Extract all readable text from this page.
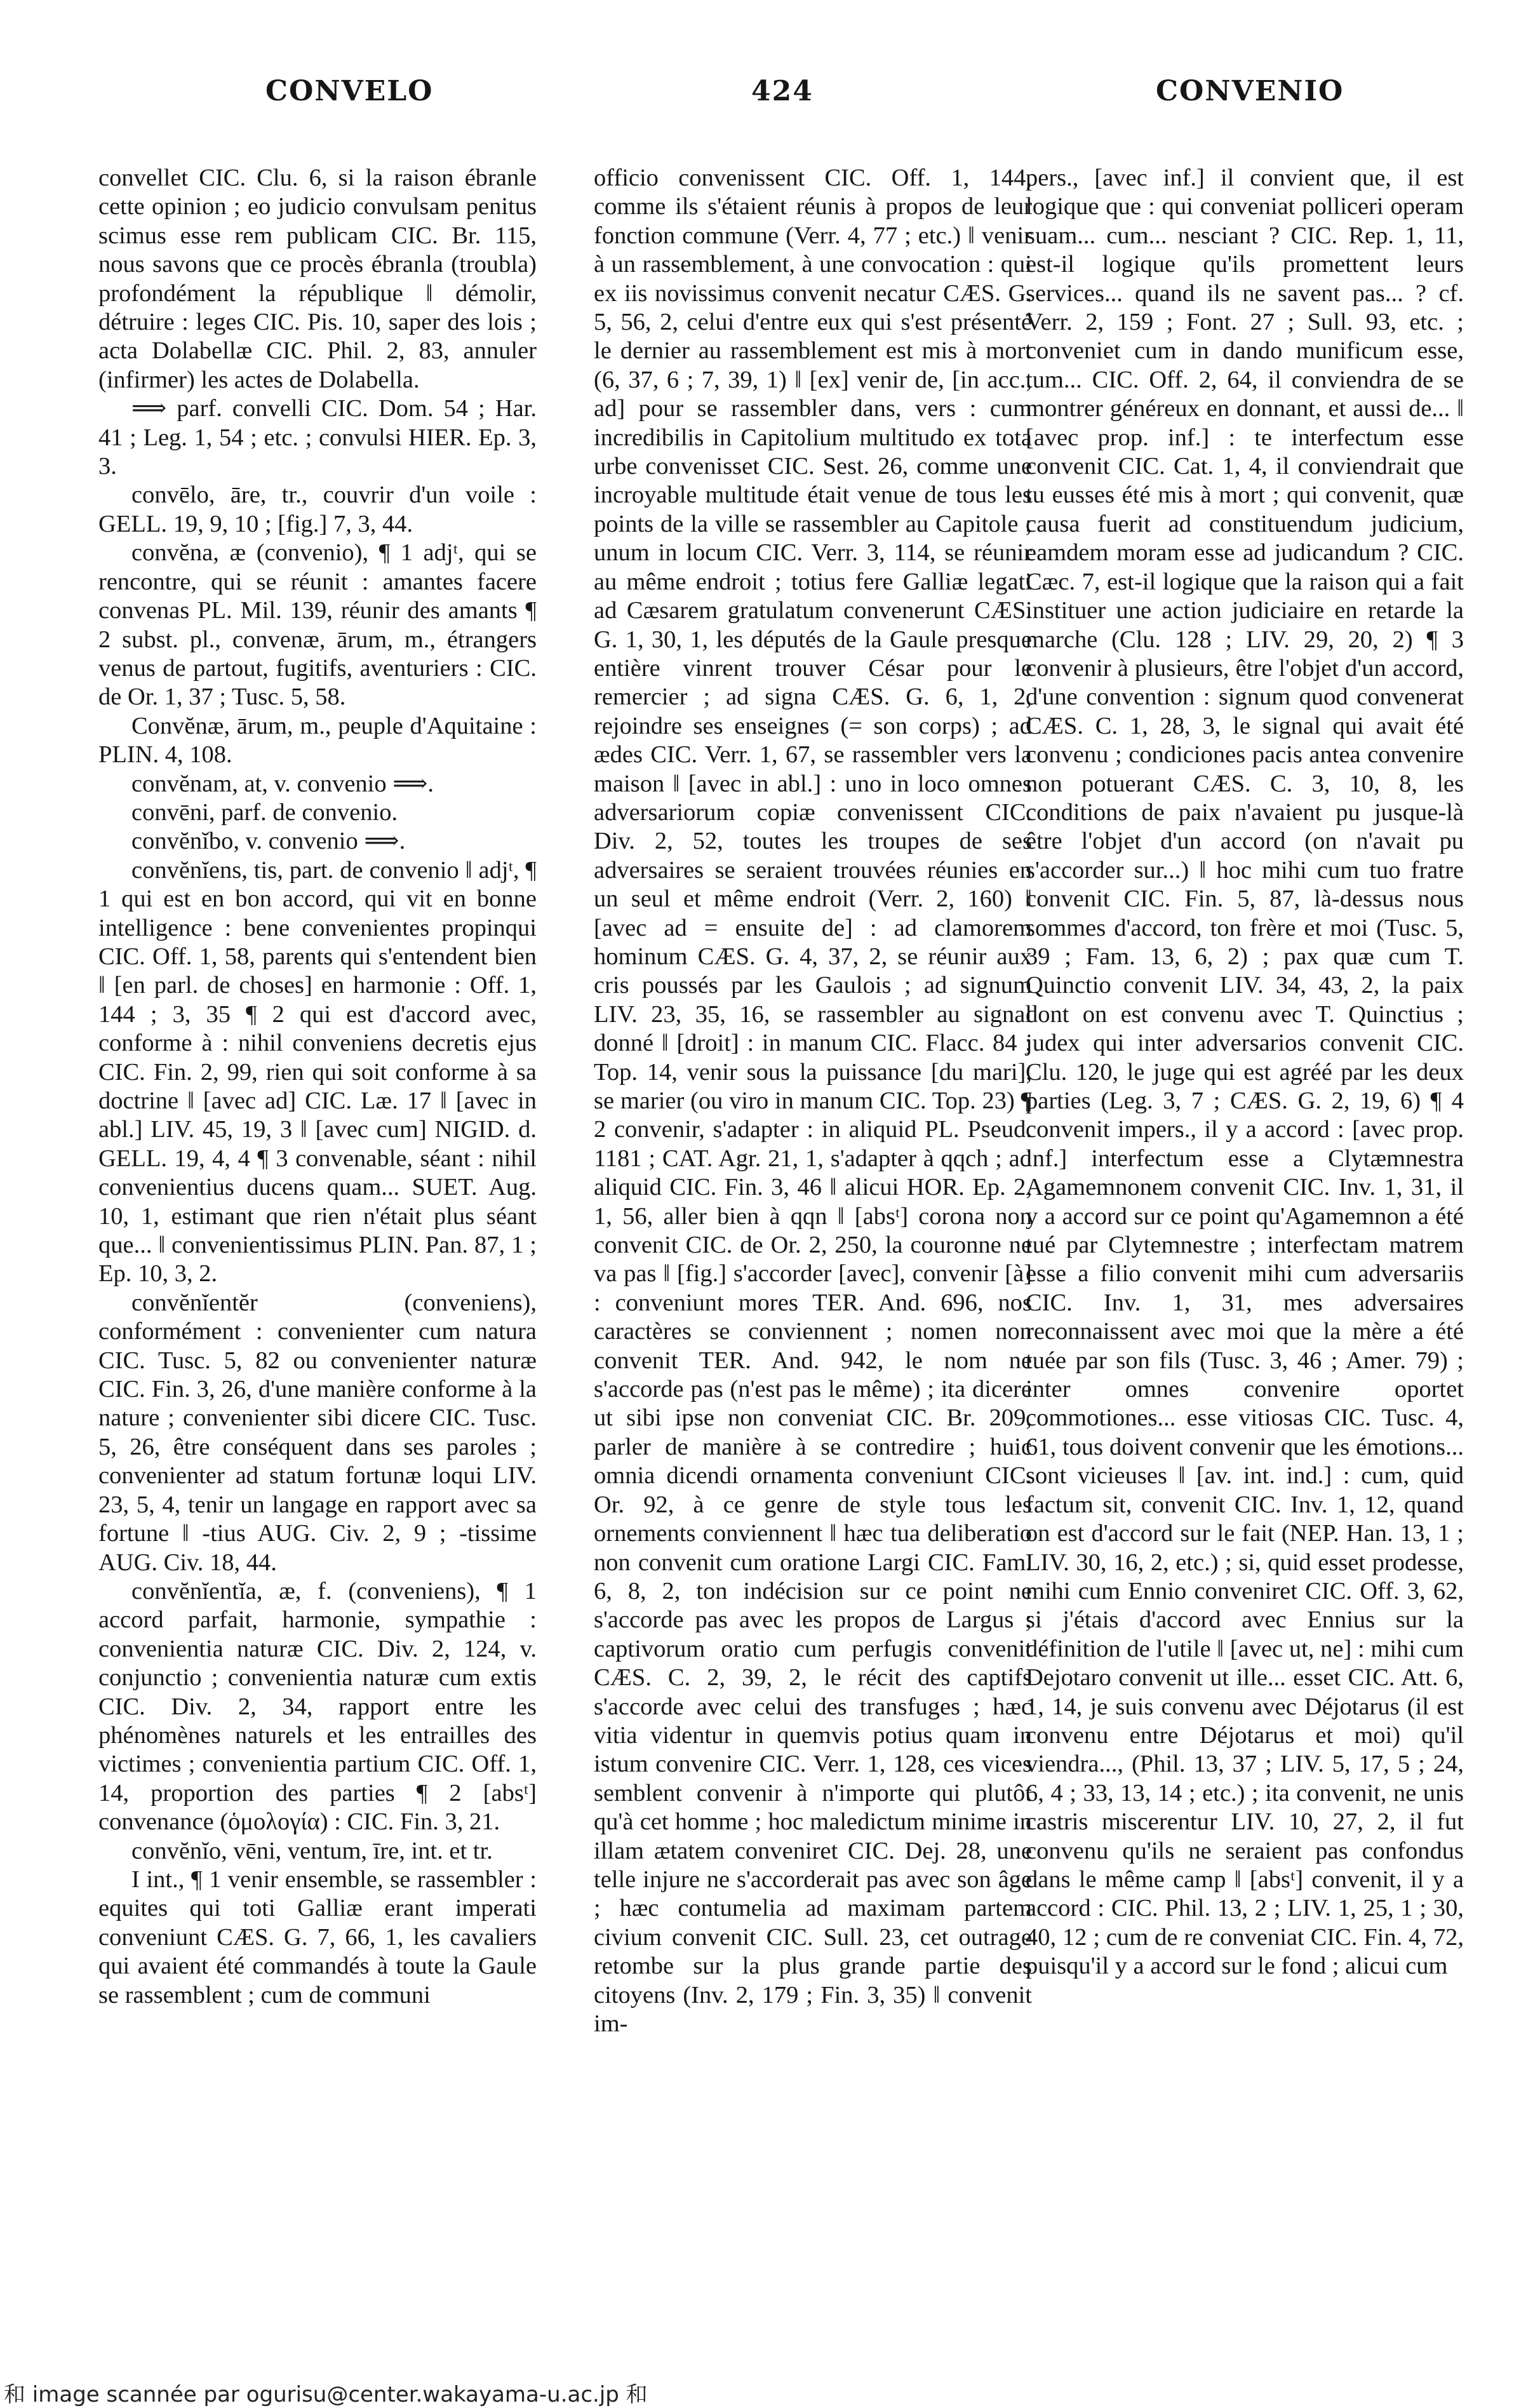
CONVELO	424	CONVENIO

convellet CIC. Clu. 6, si la raison ébranle cette opinion ; eo judicio convulsam penitus scimus esse rem publicam CIC. Br. 115, nous savons que ce procès ébranla (troubla) profondément la république ‖ démolir, détruire : leges CIC. Pis. 10, saper des lois ; acta Dolabellæ CIC. Phil. 2, 83, annuler (infirmer) les actes de Dolabella.

⟹ parf. convelli CIC. Dom. 54 ; Har. 41 ; Leg. 1, 54 ; etc. ; convulsi HIER. Ep. 3, 3.

convēlo, āre, tr., couvrir d'un voile : GELL. 19, 9, 10 ; [fig.] 7, 3, 44.

convĕna, æ (convenio), ¶ 1 adjᵗ, qui se rencontre, qui se réunit : amantes facere convenas PL. Mil. 139, réunir des amants ¶ 2 subst. pl., convenæ, ārum, m., étrangers venus de partout, fugitifs, aventuriers : CIC. de Or. 1, 37 ; Tusc. 5, 58.

Convĕnæ, ārum, m., peuple d'Aquitaine : PLIN. 4, 108.

convĕnam, at, v. convenio ⟹.

convēni, parf. de convenio.

convĕnĭbo, v. convenio ⟹.

convĕnĭens, tis, part. de convenio ‖ adjᵗ, ¶ 1 qui est en bon accord, qui vit en bonne intelligence : bene convenientes propinqui CIC. Off. 1, 58, parents qui s'entendent bien ‖ [en parl. de choses] en harmonie : Off. 1, 144 ; 3, 35 ¶ 2 qui est d'accord avec, conforme à : nihil conveniens decretis ejus CIC. Fin. 2, 99, rien qui soit conforme à sa doctrine ‖ [avec ad] CIC. Læ. 17 ‖ [avec in abl.] LIV. 45, 19, 3 ‖ [avec cum] NIGID. d. GELL. 19, 4, 4 ¶ 3 convenable, séant : nihil convenientius ducens quam... SUET. Aug. 10, 1, estimant que rien n'était plus séant que... ‖ convenientissimus PLIN. Pan. 87, 1 ; Ep. 10, 3, 2.

convĕnĭentĕr (conveniens), conformément : convenienter cum natura CIC. Tusc. 5, 82 ou convenienter naturæ CIC. Fin. 3, 26, d'une manière conforme à la nature ; convenienter sibi dicere CIC. Tusc. 5, 26, être conséquent dans ses paroles ; convenienter ad statum fortunæ loqui LIV. 23, 5, 4, tenir un langage en rapport avec sa fortune ‖ -tius AUG. Civ. 2, 9 ; -tissime AUG. Civ. 18, 44.

convĕnĭentĭa, æ, f. (conveniens), ¶ 1 accord parfait, harmonie, sympathie : convenientia naturæ CIC. Div. 2, 124, v. conjunctio ; convenientia naturæ cum extis CIC. Div. 2, 34, rapport entre les phénomènes naturels et les entrailles des victimes ; convenientia partium CIC. Off. 1, 14, proportion des parties ¶ 2 [absᵗ] convenance (ὁμολογία) : CIC. Fin. 3, 21.

convĕnĭo, vēni, ventum, īre, int. et tr.

I int., ¶ 1 venir ensemble, se rassembler : equites qui toti Galliæ erant imperati conveniunt CÆS. G. 7, 66, 1, les cavaliers qui avaient été commandés à toute la Gaule se rassemblent ; cum de communi

officio convenissent CIC. Off. 1, 144, comme ils s'étaient réunis à propos de leur fonction commune (Verr. 4, 77 ; etc.) ‖ venir à un rassemblement, à une convocation : qui ex iis novissimus convenit necatur CÆS. G. 5, 56, 2, celui d'entre eux qui s'est présenté le dernier au rassemblement est mis à mort (6, 37, 6 ; 7, 39, 1) ‖ [ex] venir de, [in acc., ad] pour se rassembler dans, vers : cum incredibilis in Capitolium multitudo ex tota urbe convenisset CIC. Sest. 26, comme une incroyable multitude était venue de tous les points de la ville se rassembler au Capitole ; unum in locum CIC. Verr. 3, 114, se réunir au même endroit ; totius fere Galliæ legati ad Cæsarem gratulatum convenerunt CÆS. G. 1, 30, 1, les députés de la Gaule presque entière vinrent trouver César pour le remercier ; ad signa CÆS. G. 6, 1, 2, rejoindre ses enseignes (= son corps) ; ad ædes CIC. Verr. 1, 67, se rassembler vers la maison ‖ [avec in abl.] : uno in loco omnes adversariorum copiæ convenissent CIC. Div. 2, 52, toutes les troupes de ses adversaires se seraient trouvées réunies en un seul et même endroit (Verr. 2, 160) ‖ [avec ad = ensuite de] : ad clamorem hominum CÆS. G. 4, 37, 2, se réunir aux cris poussés par les Gaulois ; ad signum LIV. 23, 35, 16, se rassembler au signal donné ‖ [droit] : in manum CIC. Flacc. 84 ; Top. 14, venir sous la puissance [du mari], se marier (ou viro in manum CIC. Top. 23) ¶ 2 convenir, s'adapter : in aliquid PL. Pseud. 1181 ; CAT. Agr. 21, 1, s'adapter à qqch ; ad aliquid CIC. Fin. 3, 46 ‖ alicui HOR. Ep. 2, 1, 56, aller bien à qqn ‖ [absᵗ] corona non convenit CIC. de Or. 2, 250, la couronne ne va pas ‖ [fig.] s'accorder [avec], convenir [à] : conveniunt mores TER. And. 696, nos caractères se conviennent ; nomen non convenit TER. And. 942, le nom ne s'accorde pas (n'est pas le même) ; ita dicere ut sibi ipse non conveniat CIC. Br. 209, parler de manière à se contredire ; huic omnia dicendi ornamenta conveniunt CIC. Or. 92, à ce genre de style tous les ornements conviennent ‖ hæc tua deliberatio non convenit cum oratione Largi CIC. Fam. 6, 8, 2, ton indécision sur ce point ne s'accorde pas avec les propos de Largus ; captivorum oratio cum perfugis convenit CÆS. C. 2, 39, 2, le récit des captifs s'accorde avec celui des transfuges ; hæc vitia videntur in quemvis potius quam in istum convenire CIC. Verr. 1, 128, ces vices semblent convenir à n'importe qui plutôt qu'à cet homme ; hoc maledictum minime in illam ætatem conveniret CIC. Dej. 28, une telle injure ne s'accorderait pas avec son âge ; hæc contumelia ad maximam partem civium convenit CIC. Sull. 23, cet outrage retombe sur la plus grande partie des citoyens (Inv. 2, 179 ; Fin. 3, 35) ‖ convenit im-

pers., [avec inf.] il convient que, il est logique que : qui conveniat polliceri operam suam... cum... nesciant ? CIC. Rep. 1, 11, est-il logique qu'ils promettent leurs services... quand ils ne savent pas... ? cf. Verr. 2, 159 ; Font. 27 ; Sull. 93, etc. ; conveniet cum in dando munificum esse, tum... CIC. Off. 2, 64, il conviendra de se montrer généreux en donnant, et aussi de... ‖ [avec prop. inf.] : te interfectum esse convenit CIC. Cat. 1, 4, il conviendrait que tu eusses été mis à mort ; qui convenit, quæ causa fuerit ad constituendum judicium, eamdem moram esse ad judicandum ? CIC. Cæc. 7, est-il logique que la raison qui a fait instituer une action judiciaire en retarde la marche (Clu. 128 ; LIV. 29, 20, 2) ¶ 3 convenir à plusieurs, être l'objet d'un accord, d'une convention : signum quod convenerat CÆS. C. 1, 28, 3, le signal qui avait été convenu ; condiciones pacis antea convenire non potuerant CÆS. C. 3, 10, 8, les conditions de paix n'avaient pu jusque-là être l'objet d'un accord (on n'avait pu s'accorder sur...) ‖ hoc mihi cum tuo fratre convenit CIC. Fin. 5, 87, là-dessus nous sommes d'accord, ton frère et moi (Tusc. 5, 39 ; Fam. 13, 6, 2) ; pax quæ cum T. Quinctio convenit LIV. 34, 43, 2, la paix dont on est convenu avec T. Quinctius ; judex qui inter adversarios convenit CIC. Clu. 120, le juge qui est agréé par les deux parties (Leg. 3, 7 ; CÆS. G. 2, 19, 6) ¶ 4 convenit impers., il y a accord : [avec prop. inf.] interfectum esse a Clytæmnestra Agamemnonem convenit CIC. Inv. 1, 31, il y a accord sur ce point qu'Agamemnon a été tué par Clytemnestre ; interfectam matrem esse a filio convenit mihi cum adversariis CIC. Inv. 1, 31, mes adversaires reconnaissent avec moi que la mère a été tuée par son fils (Tusc. 3, 46 ; Amer. 79) ; inter omnes convenire oportet commotiones... esse vitiosas CIC. Tusc. 4, 61, tous doivent convenir que les émotions... sont vicieuses ‖ [av. int. ind.] : cum, quid factum sit, convenit CIC. Inv. 1, 12, quand on est d'accord sur le fait (NEP. Han. 13, 1 ; LIV. 30, 16, 2, etc.) ; si, quid esset prodesse, mihi cum Ennio conveniret CIC. Off. 3, 62, si j'étais d'accord avec Ennius sur la définition de l'utile ‖ [avec ut, ne] : mihi cum Dejotaro convenit ut ille... esset CIC. Att. 6, 1, 14, je suis convenu avec Déjotarus (il est convenu entre Déjotarus et moi) qu'il viendra..., (Phil. 13, 37 ; LIV. 5, 17, 5 ; 24, 6, 4 ; 33, 13, 14 ; etc.) ; ita convenit, ne unis castris miscerentur LIV. 10, 27, 2, il fut convenu qu'ils ne seraient pas confondus dans le même camp ‖ [absᵗ] convenit, il y a accord : CIC. Phil. 13, 2 ; LIV. 1, 25, 1 ; 30, 40, 12 ; cum de re conveniat CIC. Fin. 4, 72, puisqu'il y a accord sur le fond ; alicui cum

和 image scannée par ogurisu@center.wakayama-u.ac.jp 和
